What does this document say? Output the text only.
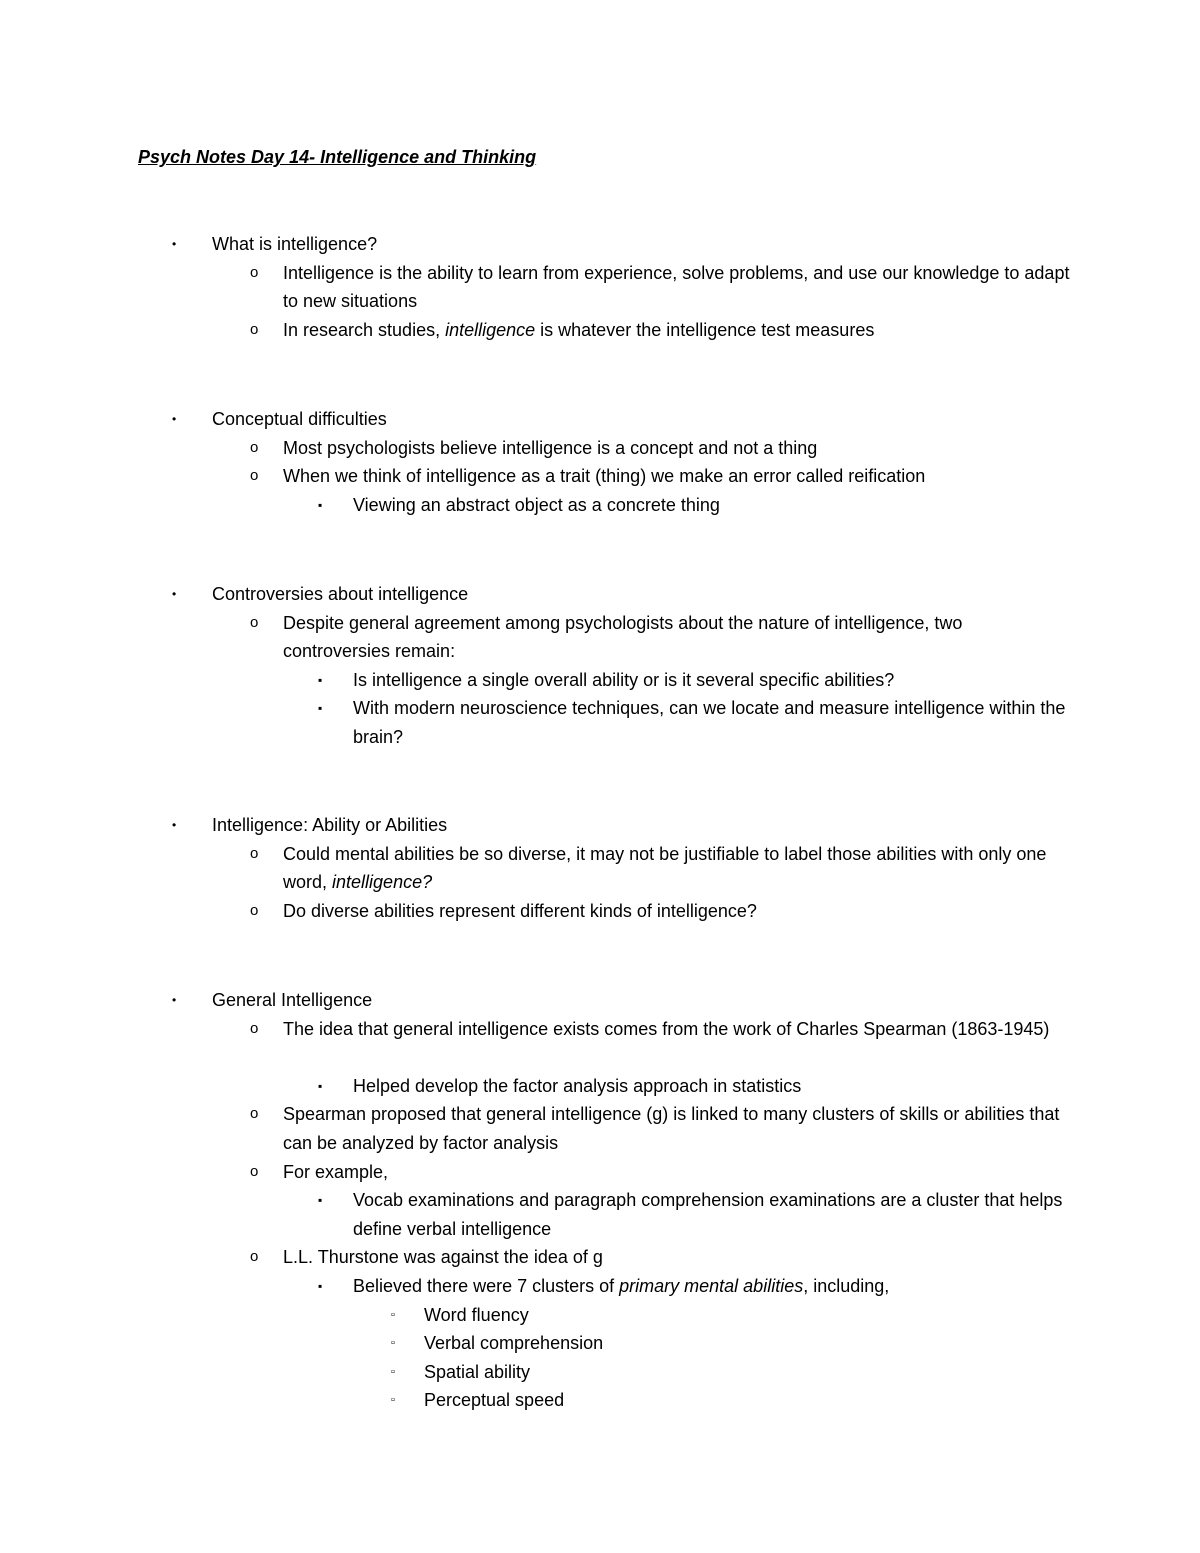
Psych Notes Day 14- Intelligence and Thinking

• What is intelligence?
o Intelligence is the ability to learn from experience, solve problems, and use our knowledge to adapt to new situations
o In research studies, intelligence is whatever the intelligence test measures
• Conceptual difficulties
o Most psychologists believe intelligence is a concept and not a thing
o When we think of intelligence as a trait (thing) we make an error called reification
▪ Viewing an abstract object as a concrete thing
• Controversies about intelligence
o Despite general agreement among psychologists about the nature of intelligence, two controversies remain:
▪ Is intelligence a single overall ability or is it several specific abilities?
▪ With modern neuroscience techniques, can we locate and measure intelligence within the brain?
• Intelligence: Ability or Abilities
o Could mental abilities be so diverse, it may not be justifiable to label those abilities with only one word, intelligence?
o Do diverse abilities represent different kinds of intelligence?
• General Intelligence
o The idea that general intelligence exists comes from the work of Charles Spearman (1863-1945)
▪ Helped develop the factor analysis approach in statistics
o Spearman proposed that general intelligence (g) is linked to many clusters of skills or abilities that can be analyzed by factor analysis
o For example,
▪ Vocab examinations and paragraph comprehension examinations are a cluster that helps define verbal intelligence
o L.L. Thurstone was against the idea of g
▪ Believed there were 7 clusters of primary mental abilities, including,
▫ Word fluency
▫ Verbal comprehension
▫ Spatial ability
▫ Perceptual speed
